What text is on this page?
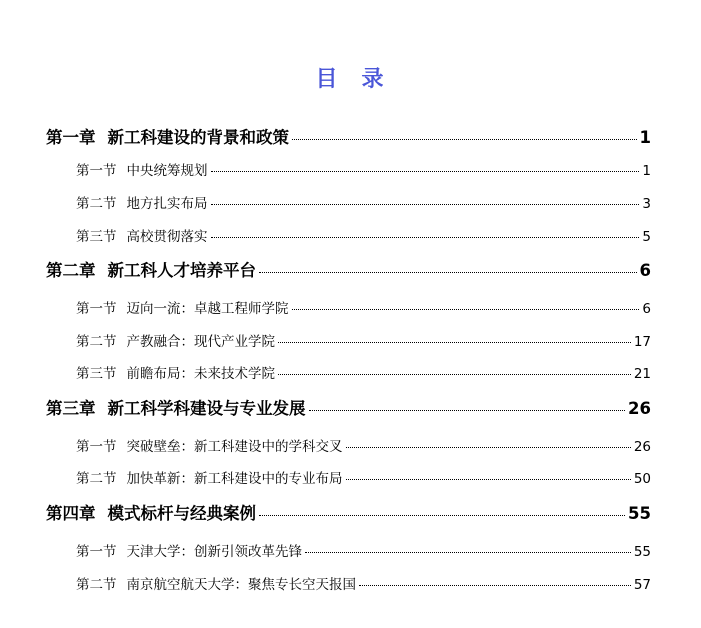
目 录
第一章 新工科建设的背景和政策	1
第一节 中央统筹规划	1
第二节 地方扎实布局	3
第三节 高校贯彻落实	5
第二章 新工科人才培养平台	6
第一节 迈向一流：卓越工程师学院	6
第二节 产教融合：现代产业学院	17
第三节 前瞻布局：未来技术学院	21
第三章 新工科学科建设与专业发展	26
第一节 突破壁垒：新工科建设中的学科交叉	26
第二节 加快革新：新工科建设中的专业布局	50
第四章 模式标杆与经典案例	55
第一节 天津大学：创新引领改革先锋	55
第二节 南京航空航天大学：聚焦专长空天报国	57
